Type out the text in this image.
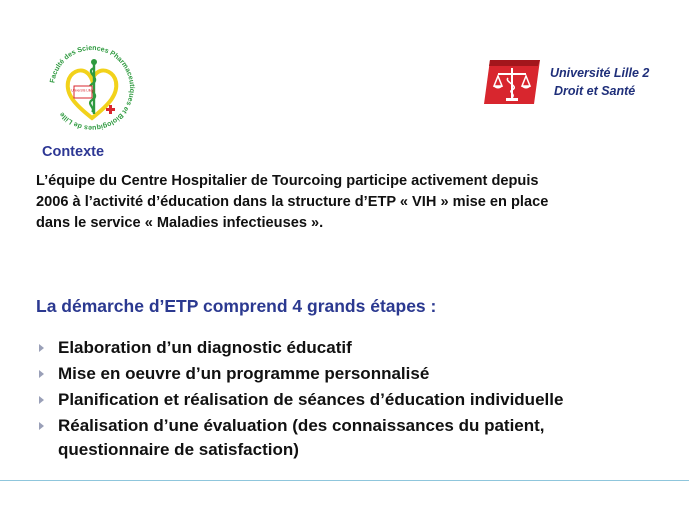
Faculté des Sciences Pharmaceutiques et Biologiques de Lille
Université Lille 2
Université Lille 2
Droit et Santé
Contexte
L’équipe du Centre Hospitalier de Tourcoing participe activement depuis
2006 à l’activité d’éducation dans la structure d’ETP « VIH » mise en place
dans le service « Maladies infectieuses ».
La démarche d’ETP comprend 4 grands étapes :
Elaboration d’un diagnostic éducatif
Mise en oeuvre d’un programme personnalisé
Planification et réalisation de séances d’éducation individuelle
Réalisation d’une évaluation (des connaissances du patient,
questionnaire de satisfaction)
